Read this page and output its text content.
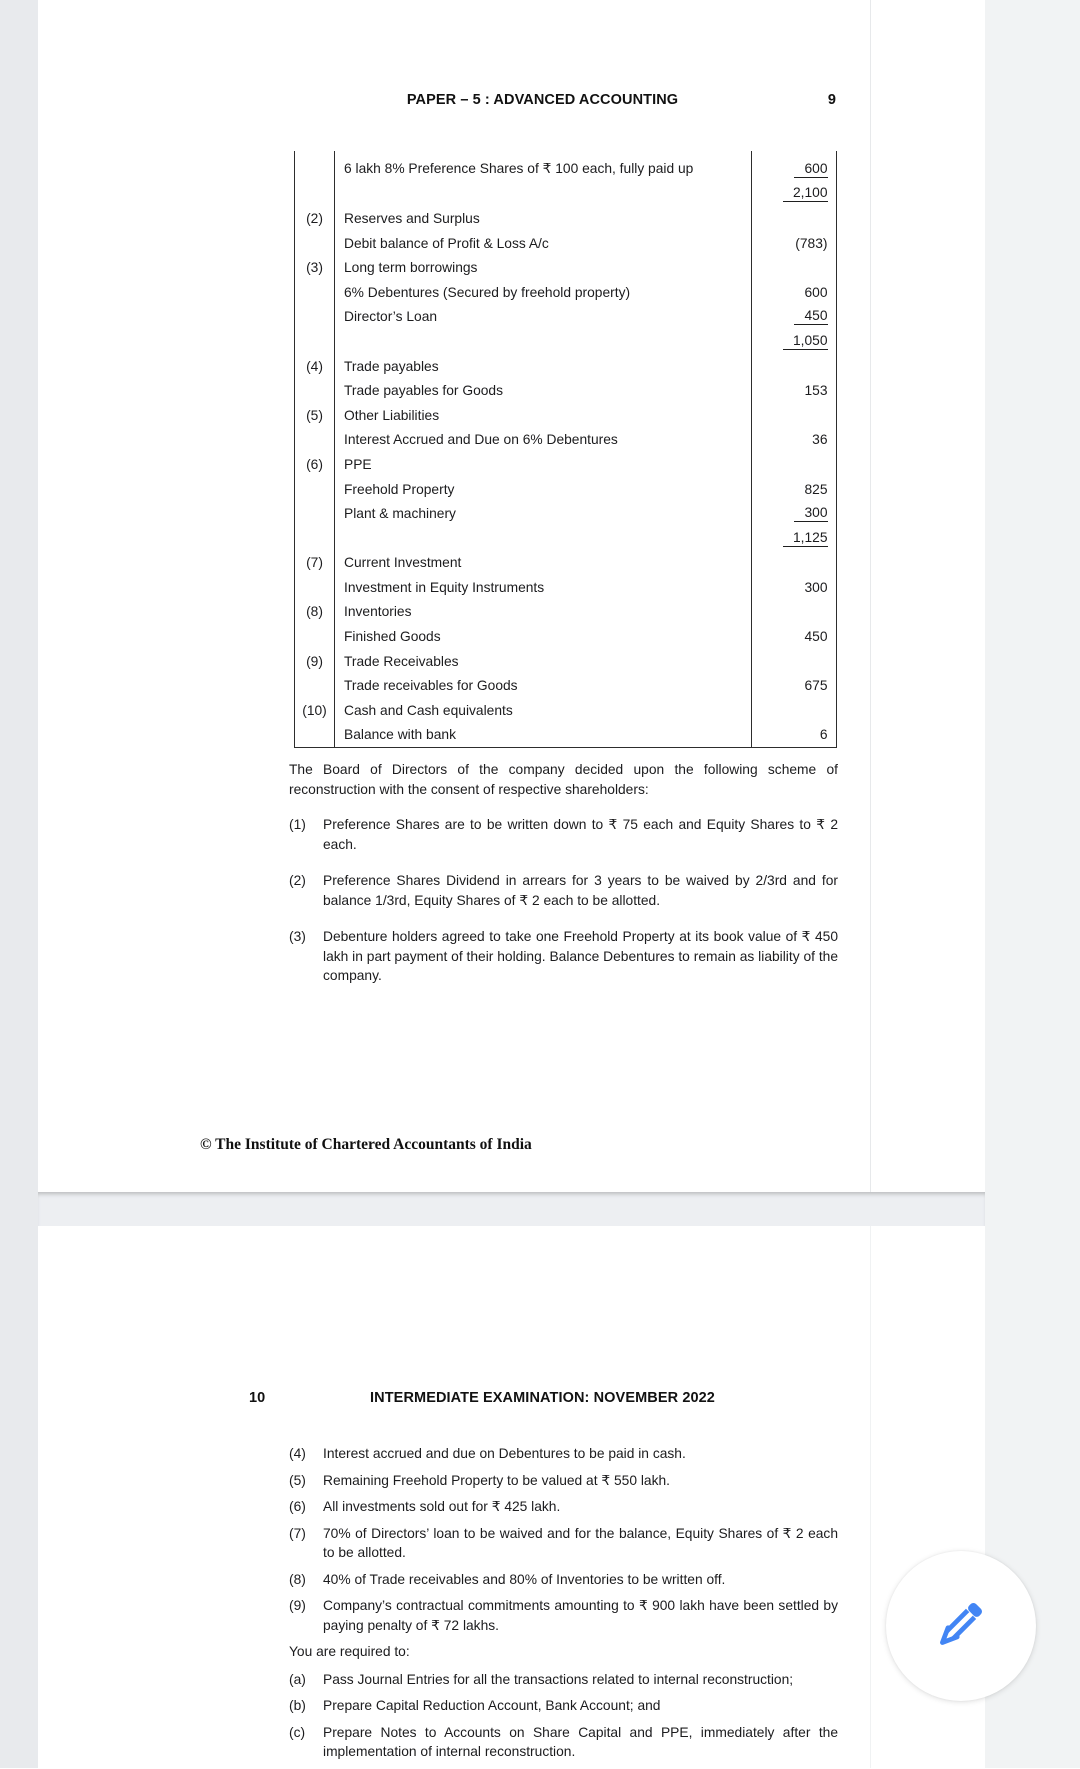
PAPER – 5 : ADVANCED ACCOUNTING	9
6 lakh 8% Preference Shares of ₹ 100 each, fully paid up	600
2,100
(2)	Reserves and Surplus
Debit balance of Profit & Loss A/c	(783)
(3)	Long term borrowings
6% Debentures (Secured by freehold property)	600
Director’s Loan	450
1,050
(4)	Trade payables
Trade payables for Goods	153
(5)	Other Liabilities
Interest Accrued and Due on 6% Debentures	36
(6)	PPE
Freehold Property	825
Plant & machinery	300
1,125
(7)	Current Investment
Investment in Equity Instruments	300
(8)	Inventories
Finished Goods	450
(9)	Trade Receivables
Trade receivables for Goods	675
(10)	Cash and Cash equivalents
Balance with bank	6

The Board of Directors of the company decided upon the following scheme of reconstruction with the consent of respective shareholders:

(1)	Preference Shares are to be written down to ₹ 75 each and Equity Shares to ₹ 2 each.
(2)	Preference Shares Dividend in arrears for 3 years to be waived by 2/3rd and for balance 1/3rd, Equity Shares of ₹ 2 each to be allotted.
(3)	Debenture holders agreed to take one Freehold Property at its book value of ₹ 450 lakh in part payment of their holding. Balance Debentures to remain as liability of the company.
© The Institute of Chartered Accountants of India
10	INTERMEDIATE EXAMINATION: NOVEMBER 2022
(4)	Interest accrued and due on Debentures to be paid in cash.
(5)	Remaining Freehold Property to be valued at ₹ 550 lakh.
(6)	All investments sold out for ₹ 425 lakh.
(7)	70% of Directors’ loan to be waived and for the balance, Equity Shares of ₹ 2 each to be allotted.
(8)	40% of Trade receivables and 80% of Inventories to be written off.
(9)	Company’s contractual commitments amounting to ₹ 900 lakh have been settled by paying penalty of ₹ 72 lakhs.

You are required to:

(a)	Pass Journal Entries for all the transactions related to internal reconstruction;
(b)	Prepare Capital Reduction Account, Bank Account; and
(c)	Prepare Notes to Accounts on Share Capital and PPE, immediately after the implementation of internal reconstruction.
